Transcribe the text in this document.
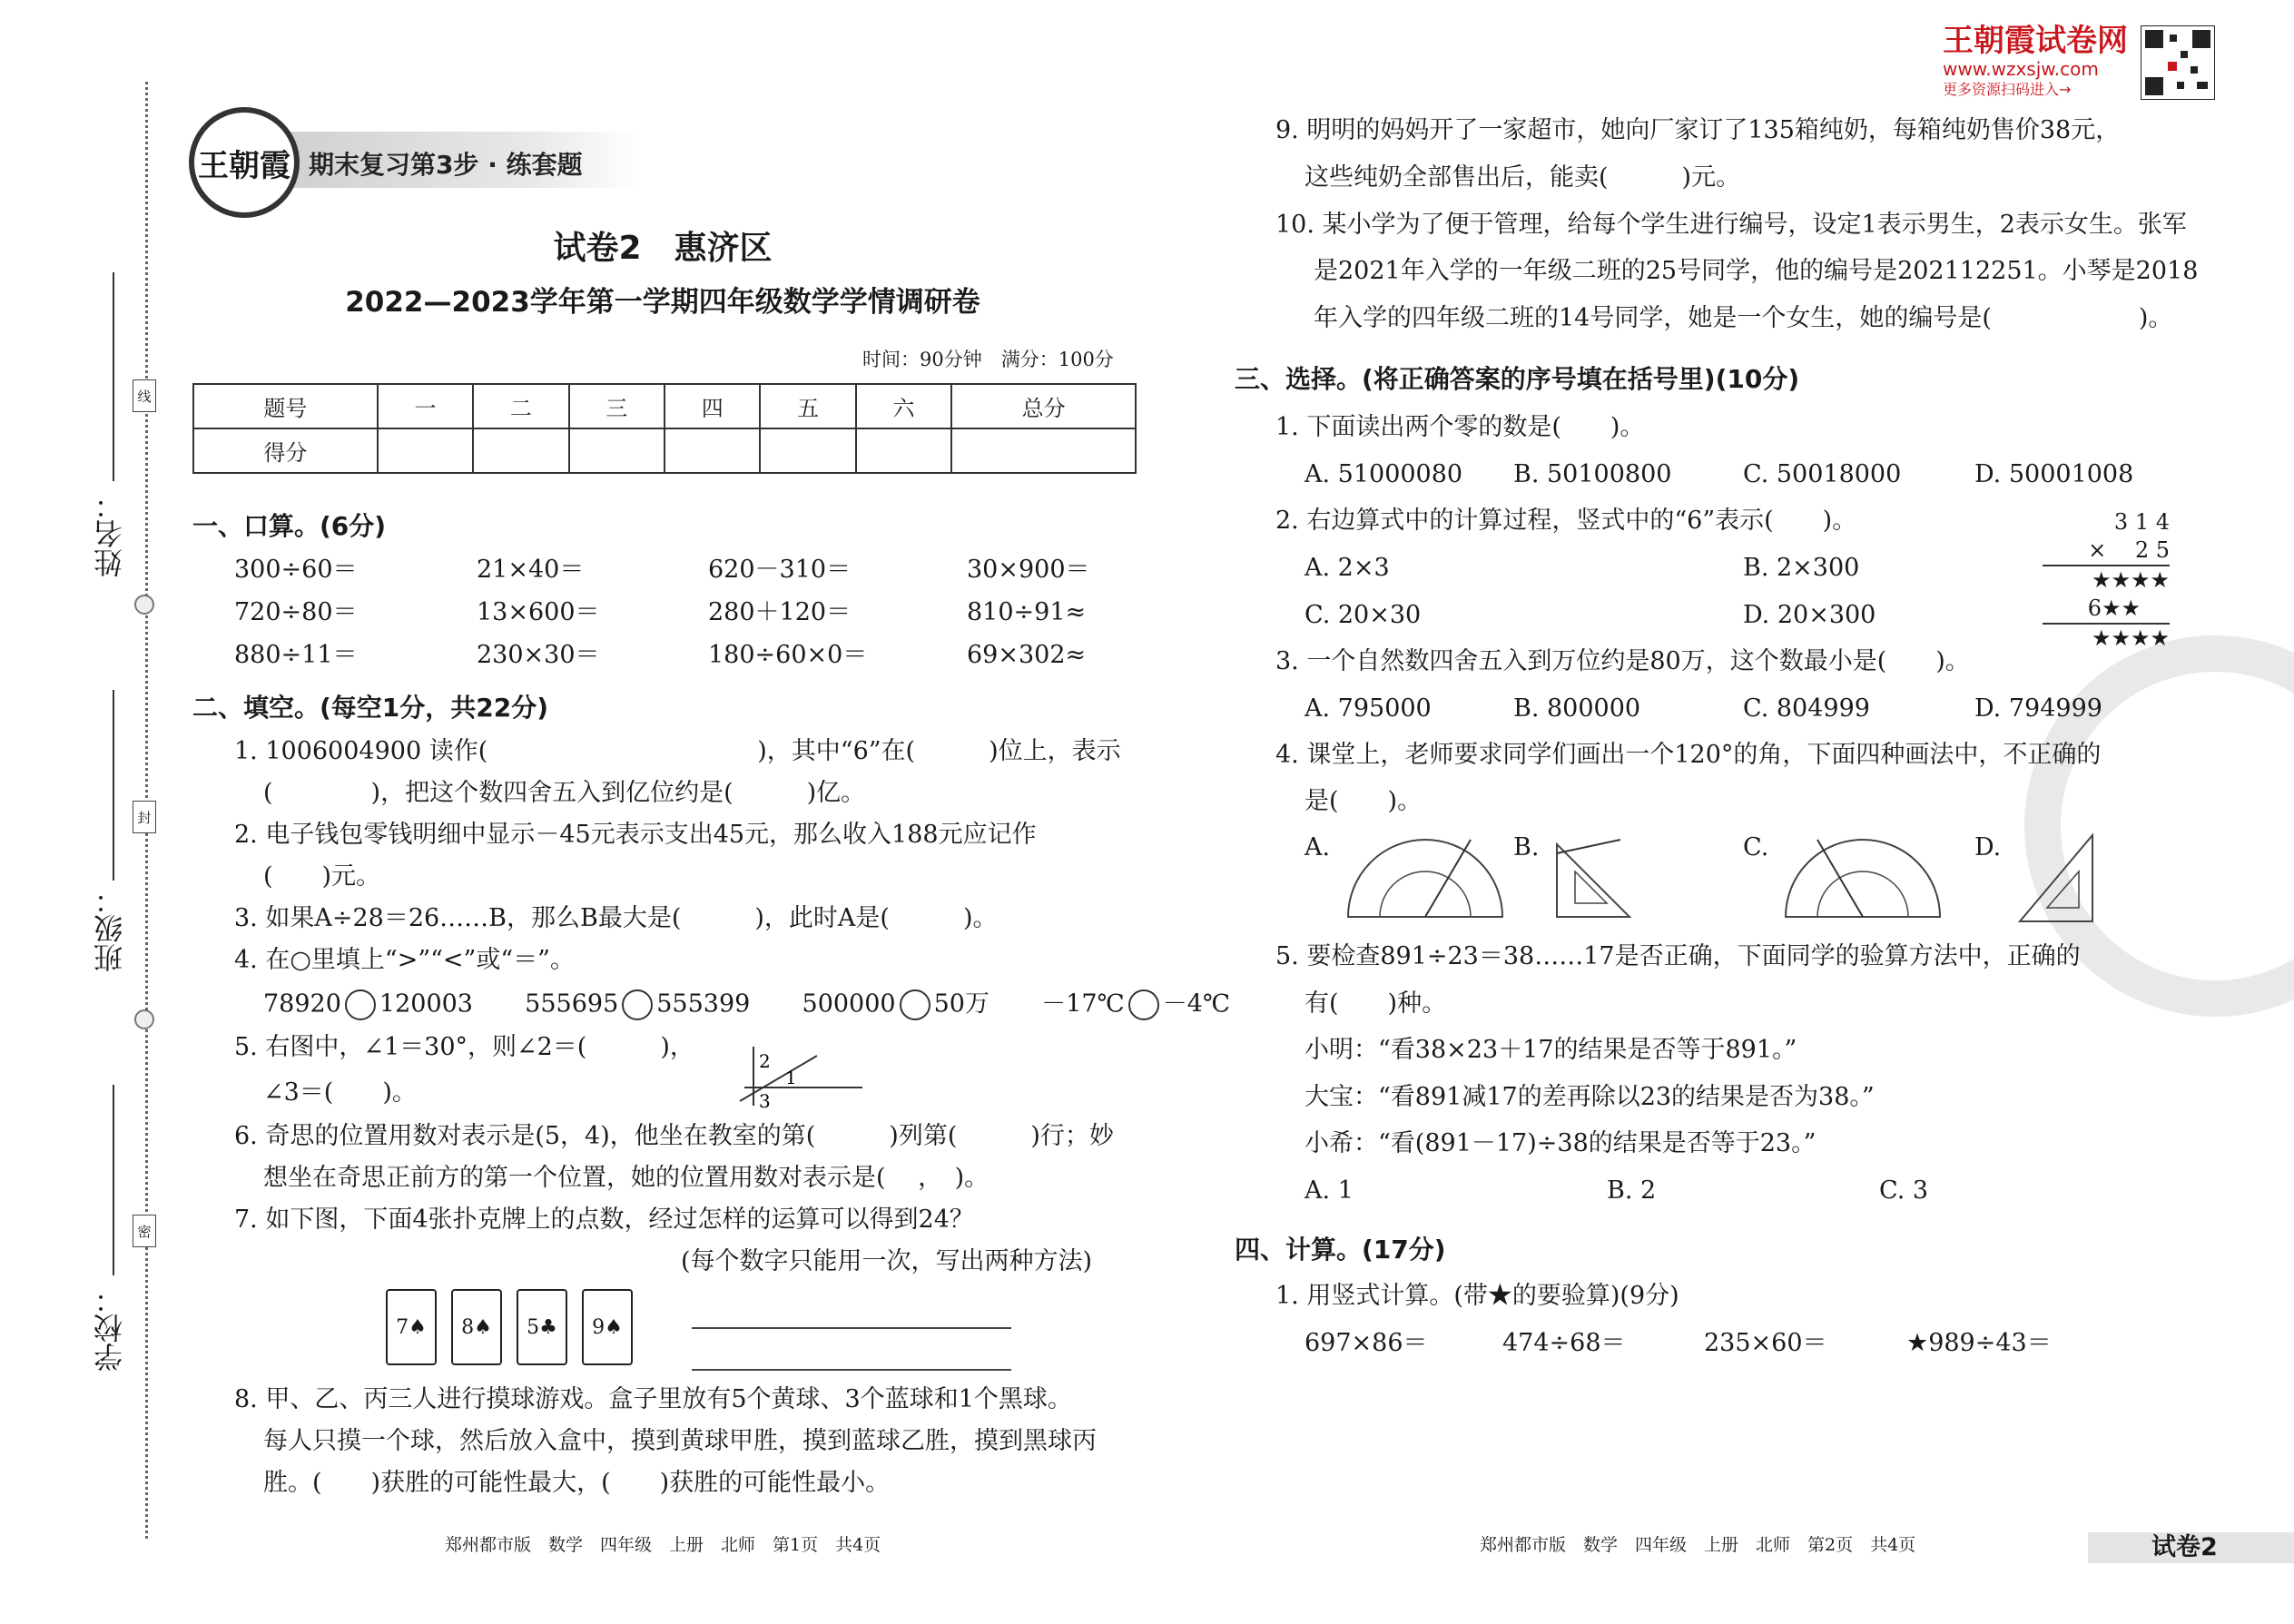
姓名：
班级：
学校：
线
封
密
期末复习第3步 · 练套题
王朝霞
试卷2　惠济区
2022—2023学年第一学期四年级数学学情调研卷
时间：90分钟　满分：100分
题号	一	二	三	四	五	六	总分
得分							
一、口算。(6分)
300÷60＝	21×40＝	620－310＝	30×900＝
720÷80＝	13×600＝	280＋120＝	810÷91≈
880÷11＝	230×30＝	180÷60×0＝	69×302≈
二、填空。(每空1分，共22分)
1. 1006004900 读作(　　　　　　　　　　　)，其中“6”在(　　　)位上，表示
(　　　　)，把这个数四舍五入到亿位约是(　　　)亿。
2. 电子钱包零钱明细中显示－45元表示支出45元，那么收入188元应记作
(　　)元。
3. 如果A÷28＝26……B，那么B最大是(　　　)，此时A是(　　　)。
4. 在○里填上“>”“<”或“＝”。
78920 120003 555695 555399 500000 50万 －17℃ －4℃
5. 右图中，∠1＝30°，则∠2＝(　　　)，
∠3＝(　　)。
2
1
3
6. 奇思的位置用数对表示是(5，4)，他坐在教室的第(　　　)列第(　　　)行；妙
想坐在奇思正前方的第一个位置，她的位置用数对表示是(　 ，　)。
7. 如下图，下面4张扑克牌上的点数，经过怎样的运算可以得到24？
(每个数字只能用一次，写出两种方法)
7♠ 8♠ 5♣ 9♠
8. 甲、乙、丙三人进行摸球游戏。盒子里放有5个黄球、3个蓝球和1个黑球。
每人只摸一个球，然后放入盒中，摸到黄球甲胜，摸到蓝球乙胜，摸到黑球丙
胜。(　　)获胜的可能性最大，(　　)获胜的可能性最小。
郑州都市版　数学　四年级　上册　北师　第1页　共4页
王朝霞试卷网
www.wzxsjw.com
更多资源扫码进入→
9. 明明的妈妈开了一家超市，她向厂家订了135箱纯奶，每箱纯奶售价38元，
这些纯奶全部售出后，能卖(　　　)元。
10. 某小学为了便于管理，给每个学生进行编号，设定1表示男生，2表示女生。张军
是2021年入学的一年级二班的25号同学，他的编号是202112251。小琴是2018
年入学的四年级二班的14号同学，她是一个女生，她的编号是(　　　　　　)。
三、选择。(将正确答案的序号填在括号里)(10分)
1. 下面读出两个零的数是(　　)。
A. 51000080 B. 50100800	C. 50018000	D. 50001008
2. 右边算式中的计算过程，竖式中的“6”表示(　　)。
A. 2×3	B. 2×300
C. 20×30	D. 20×300
3 1 4
×　 2 5
★★★★
6★★
★★★★
3. 一个自然数四舍五入到万位约是80万，这个数最小是(　　)。
A. 795000	B. 800000	C. 804999	D. 794999
4. 课堂上，老师要求同学们画出一个120°的角，下面四种画法中，不正确的
是(　　)。
A.	B.	C.	D.
5. 要检查891÷23＝38……17是否正确，下面同学的验算方法中，正确的
有(　　)种。
小明：“看38×23＋17的结果是否等于891。”
大宝：“看891减17的差再除以23的结果是否为38。”
小希：“看(891－17)÷38的结果是否等于23。”
A. 1	B. 2	C. 3
四、计算。(17分)
1. 用竖式计算。(带★的要验算)(9分)
697×86＝	474÷68＝	235×60＝	★989÷43＝
郑州都市版　数学　四年级　上册　北师　第2页　共4页	试卷2
